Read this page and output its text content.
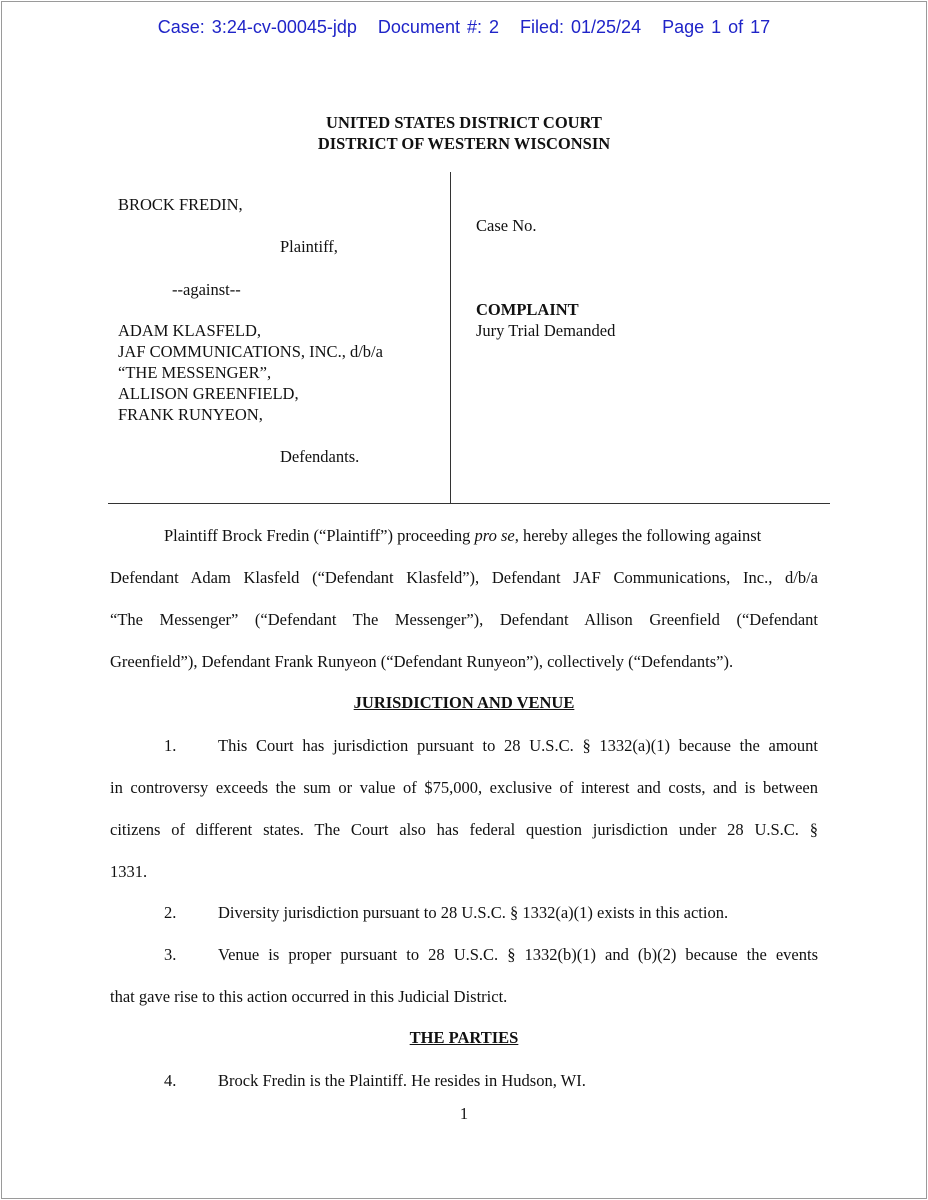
Case: 3:24-cv-00045-jdp Document #: 2 Filed: 01/25/24 Page 1 of 17
UNITED STATES DISTRICT COURT
DISTRICT OF WESTERN WISCONSIN
BROCK FREDIN,
Plaintiff,
--against--
ADAM KLASFELD,
JAF COMMUNICATIONS, INC., d/b/a
“THE MESSENGER”,
ALLISON GREENFIELD,
FRANK RUNYEON,
Defendants.
Case No.
COMPLAINT
Jury Trial Demanded
Plaintiff Brock Fredin (“Plaintiff”) proceeding pro se, hereby alleges the following against
Defendant Adam Klasfeld (“Defendant Klasfeld”), Defendant JAF Communications, Inc., d/b/a
“The Messenger” (“Defendant The Messenger”), Defendant Allison Greenfield (“Defendant
Greenfield”), Defendant Frank Runyeon (“Defendant Runyeon”), collectively (“Defendants”).
JURISDICTION AND VENUE
1.	This Court has jurisdiction pursuant to 28 U.S.C. § 1332(a)(1) because the amount
in controversy exceeds the sum or value of $75,000, exclusive of interest and costs, and is between
citizens of different states. The Court also has federal question jurisdiction under 28 U.S.C. §
1331.
2.	Diversity jurisdiction pursuant to 28 U.S.C. § 1332(a)(1) exists in this action.
3.	Venue is proper pursuant to 28 U.S.C. § 1332(b)(1) and (b)(2) because the events
that gave rise to this action occurred in this Judicial District.
THE PARTIES
4.	Brock Fredin is the Plaintiff. He resides in Hudson, WI.
1
